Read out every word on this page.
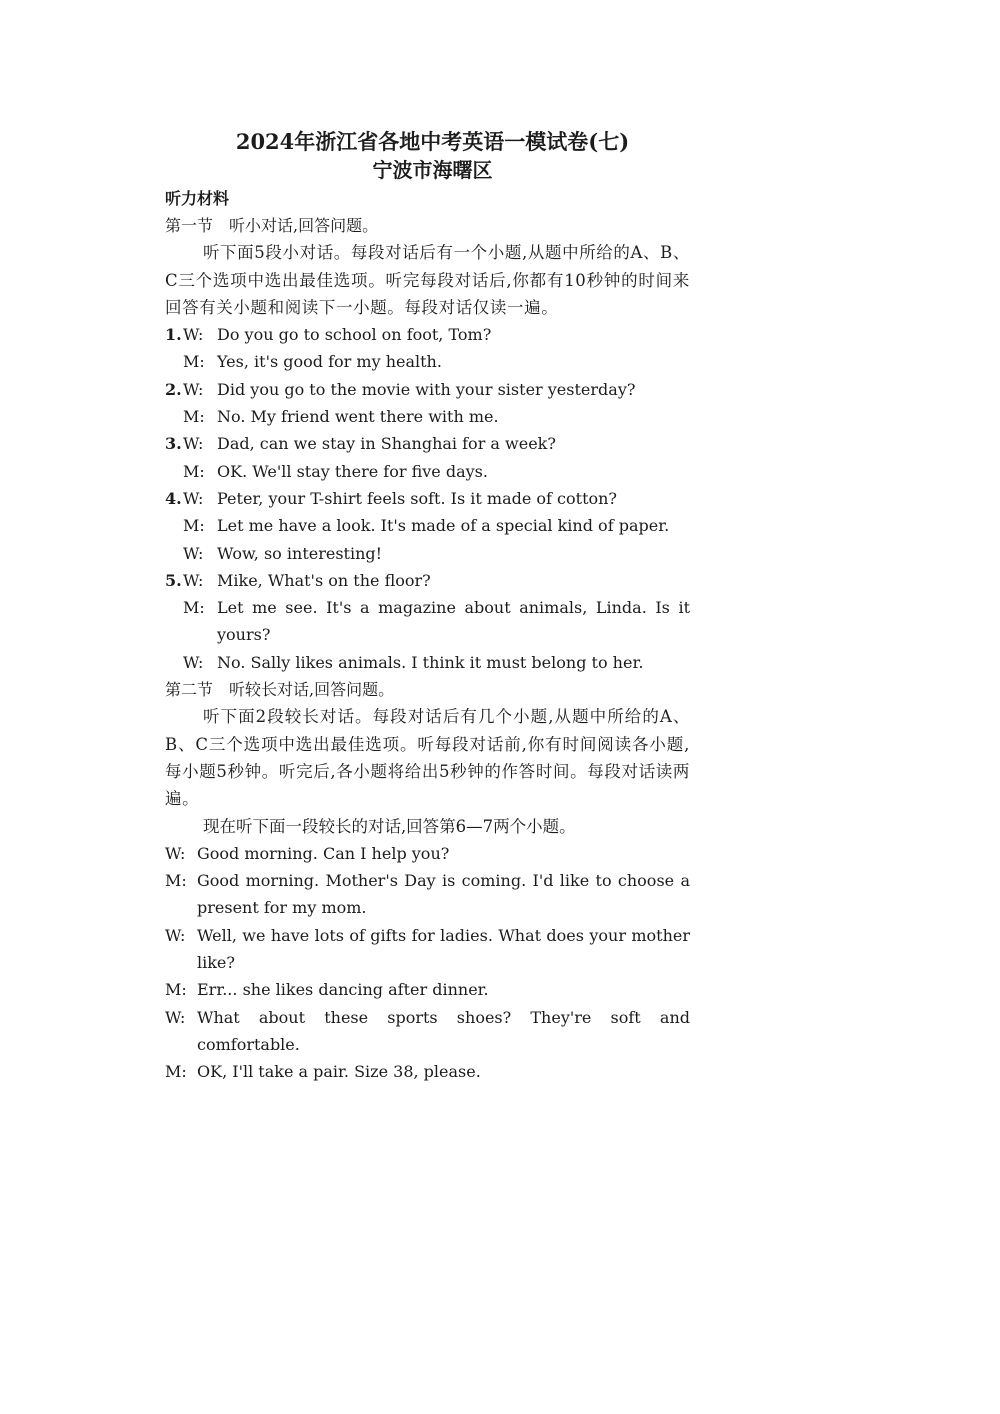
2024年浙江省各地中考英语一模试卷(七)
宁波市海曙区
听力材料
第一节　听小对话,回答问题。
听下面5段小对话。每段对话后有一个小题,从题中所给的A、B、C三个选项中选出最佳选项。听完每段对话后,你都有10秒钟的时间来回答有关小题和阅读下一小题。每段对话仅读一遍。
1. W: Do you go to school on foot, Tom?
M: Yes, it's good for my health.
2. W: Did you go to the movie with your sister yesterday?
M: No. My friend went there with me.
3. W: Dad, can we stay in Shanghai for a week?
M: OK. We'll stay there for five days.
4. W: Peter, your T-shirt feels soft. Is it made of cotton?
M: Let me have a look. It's made of a special kind of paper.
W: Wow, so interesting!
5. W: Mike, What's on the floor?
M: Let me see. It's a magazine about animals, Linda. Is it yours?
W: No. Sally likes animals. I think it must belong to her.
第二节　听较长对话,回答问题。
听下面2段较长对话。每段对话后有几个小题,从题中所给的A、B、C三个选项中选出最佳选项。听每段对话前,你有时间阅读各小题,每小题5秒钟。听完后,各小题将给出5秒钟的作答时间。每段对话读两遍。
现在听下面一段较长的对话,回答第6—7两个小题。
W: Good morning. Can I help you?
M: Good morning. Mother's Day is coming. I'd like to choose a present for my mom.
W: Well, we have lots of gifts for ladies. What does your mother like?
M: Err... she likes dancing after dinner.
W: What about these sports shoes? They're soft and comfortable.
M: OK, I'll take a pair. Size 38, please.
